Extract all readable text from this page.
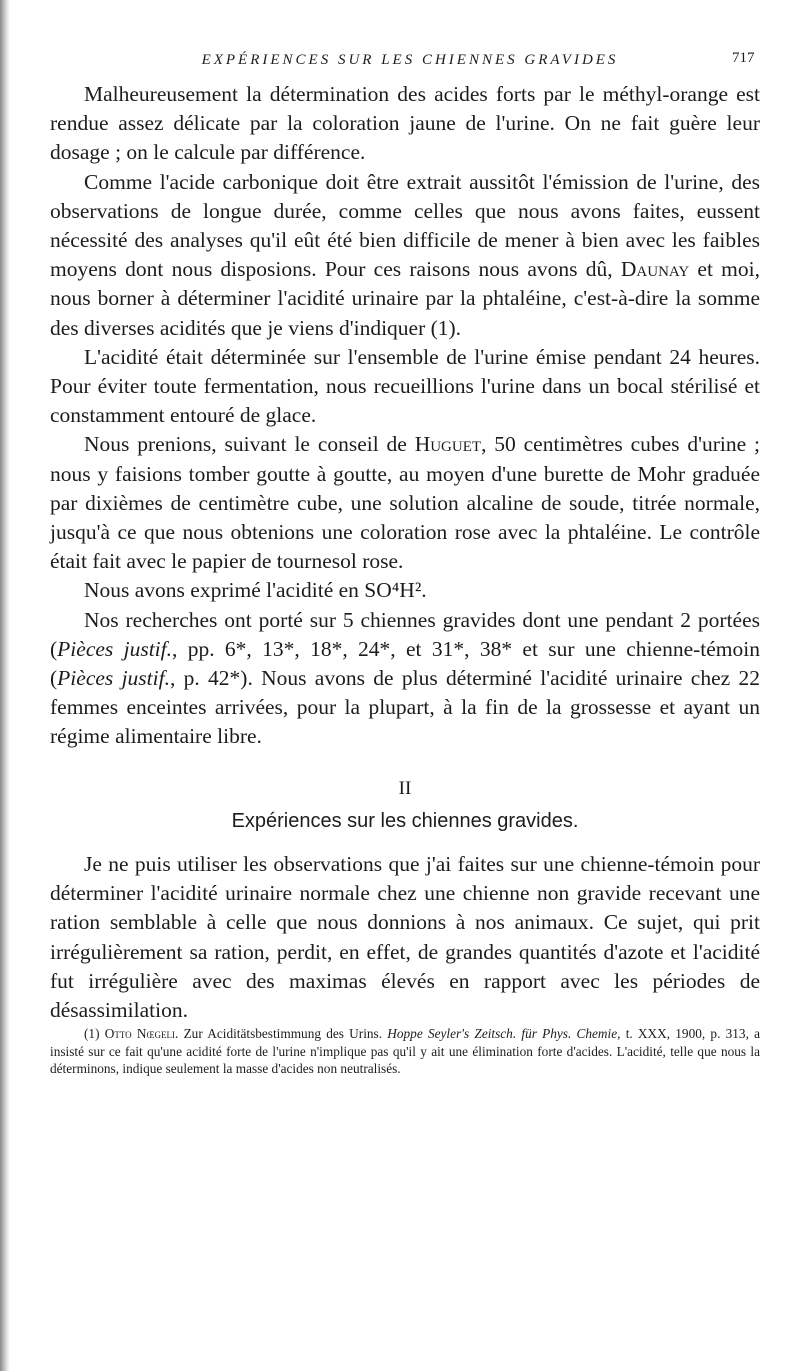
EXPÉRIENCES SUR LES CHIENNES GRAVIDES	717

Malheureusement la détermination des acides forts par le méthyl-orange est rendue assez délicate par la coloration jaune de l'urine. On ne fait guère leur dosage ; on le calcule par différence.

Comme l'acide carbonique doit être extrait aussitôt l'émission de l'urine, des observations de longue durée, comme celles que nous avons faites, eussent nécessité des analyses qu'il eût été bien difficile de mener à bien avec les faibles moyens dont nous disposions. Pour ces raisons nous avons dû, Daunay et moi, nous borner à déterminer l'acidité urinaire par la phtaléine, c'est-à-dire la somme des diverses acidités que je viens d'indiquer (1).

L'acidité était déterminée sur l'ensemble de l'urine émise pendant 24 heures. Pour éviter toute fermentation, nous recueillions l'urine dans un bocal stérilisé et constamment entouré de glace.

Nous prenions, suivant le conseil de Huguet, 50 centimètres cubes d'urine ; nous y faisions tomber goutte à goutte, au moyen d'une burette de Mohr graduée par dixièmes de centimètre cube, une solution alcaline de soude, titrée normale, jusqu'à ce que nous obtenions une coloration rose avec la phtaléine. Le contrôle était fait avec le papier de tournesol rose.

Nous avons exprimé l'acidité en SO⁴H².

Nos recherches ont porté sur 5 chiennes gravides dont une pendant 2 portées (Pièces justif., pp. 6*, 13*, 18*, 24*, et 31*, 38* et sur une chienne-témoin (Pièces justif., p. 42*). Nous avons de plus déterminé l'acidité urinaire chez 22 femmes enceintes arrivées, pour la plupart, à la fin de la grossesse et ayant un régime alimentaire libre.

II
Expériences sur les chiennes gravides.

Je ne puis utiliser les observations que j'ai faites sur une chienne-témoin pour déterminer l'acidité urinaire normale chez une chienne non gravide recevant une ration semblable à celle que nous donnions à nos animaux. Ce sujet, qui prit irrégulièrement sa ration, perdit, en effet, de grandes quantités d'azote et l'acidité fut irrégulière avec des maximas élevés en rapport avec les périodes de désassimilation.

(1) Otto Nœgeli. Zur Aciditätsbestimmung des Urins. Hoppe Seyler's Zeitsch. für Phys. Chemie, t. XXX, 1900, p. 313, a insisté sur ce fait qu'une acidité forte de l'urine n'implique pas qu'il y ait une élimination forte d'acides. L'acidité, telle que nous la déterminons, indique seulement la masse d'acides non neutralisés.
